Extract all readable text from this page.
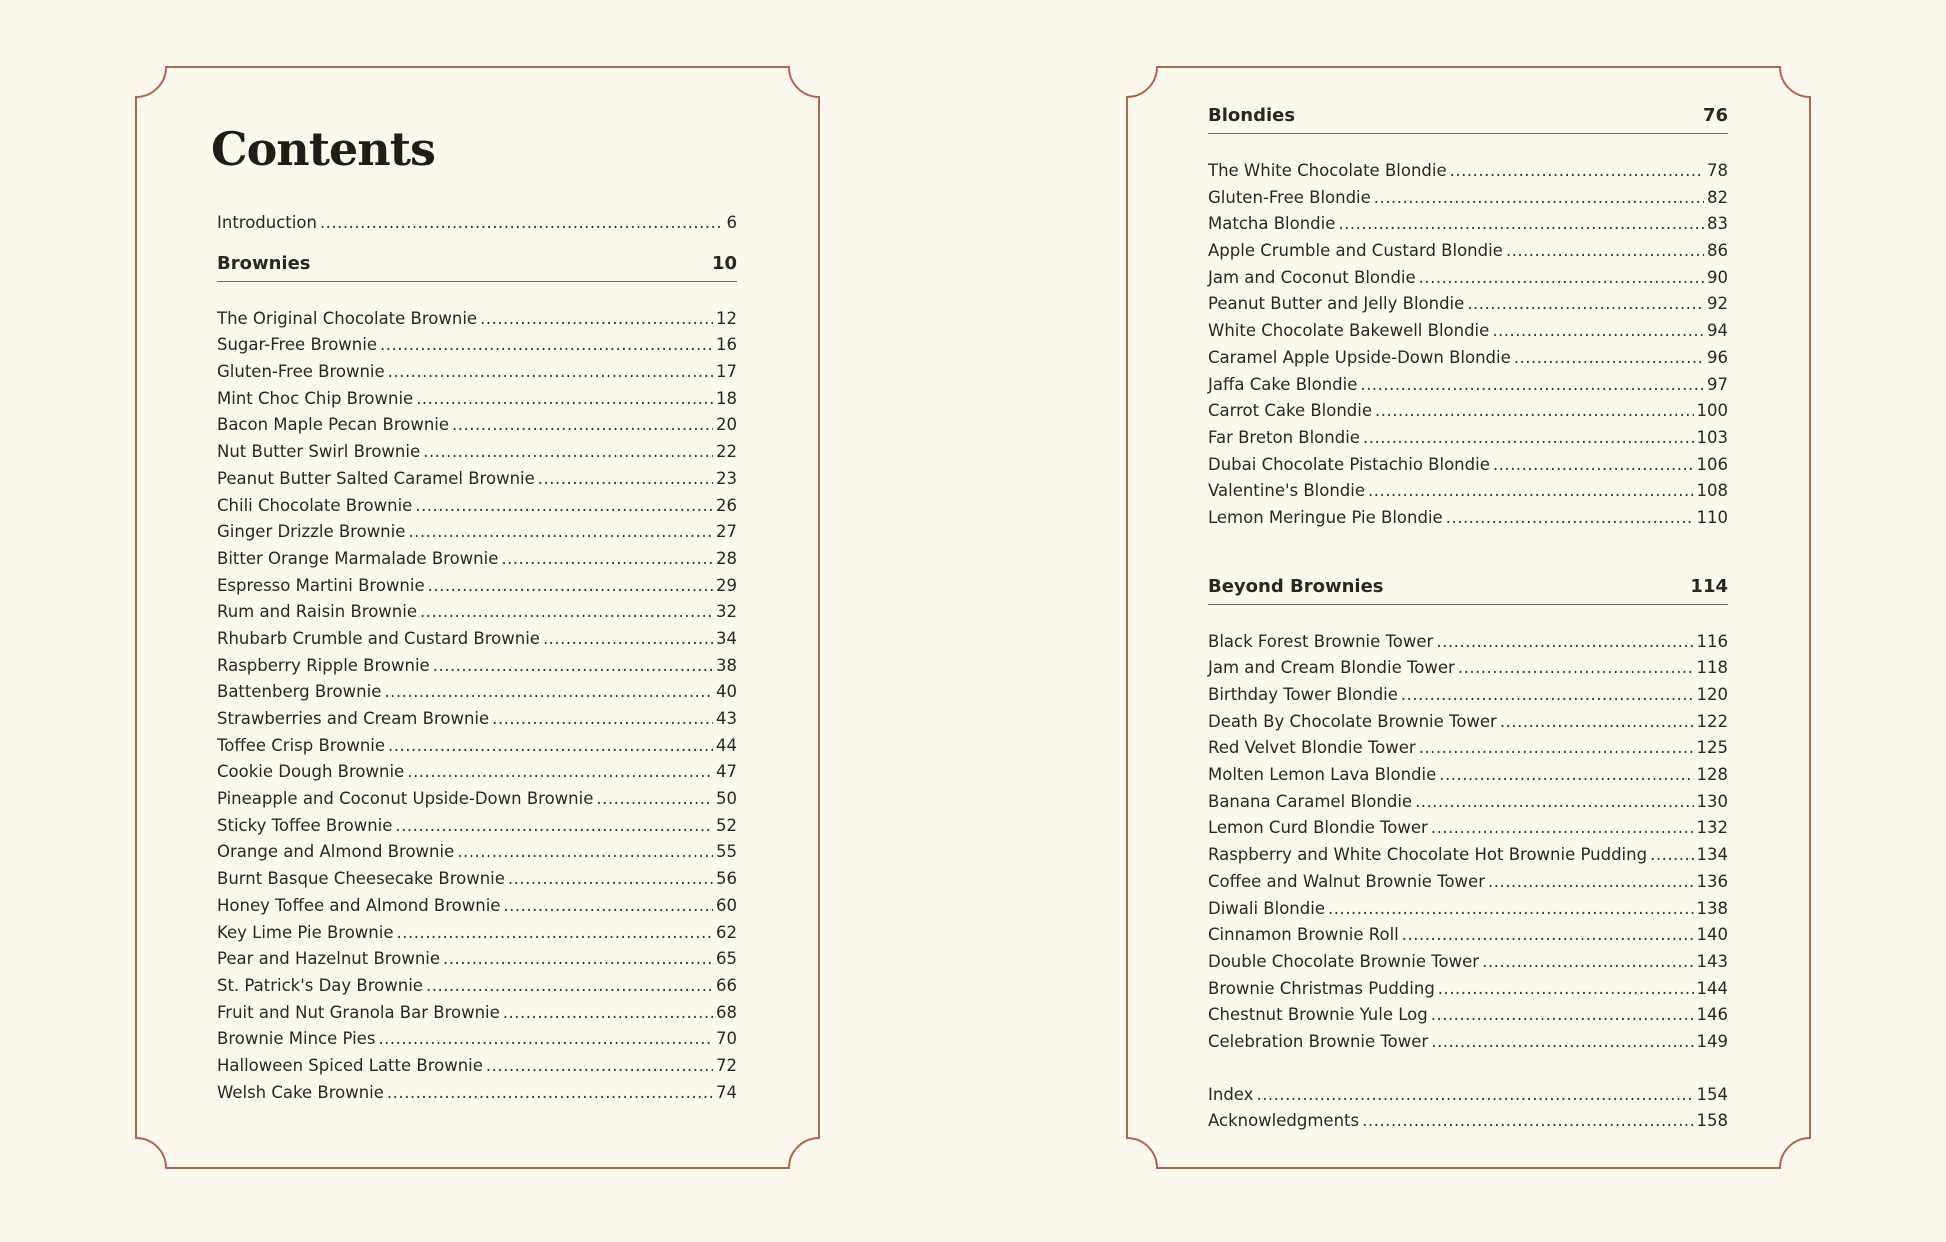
Contents
Introduction .....	6
Brownies	10
The Original Chocolate Brownie .....	12
Sugar-Free Brownie .....	16
Gluten-Free Brownie .....	17
Mint Choc Chip Brownie .....	18
Bacon Maple Pecan Brownie .....	20
Nut Butter Swirl Brownie .....	22
Peanut Butter Salted Caramel Brownie .....	23
Chili Chocolate Brownie .....	26
Ginger Drizzle Brownie .....	27
Bitter Orange Marmalade Brownie .....	28
Espresso Martini Brownie .....	29
Rum and Raisin Brownie .....	32
Rhubarb Crumble and Custard Brownie .....	34
Raspberry Ripple Brownie .....	38
Battenberg Brownie .....	40
Strawberries and Cream Brownie .....	43
Toffee Crisp Brownie .....	44
Cookie Dough Brownie .....	47
Pineapple and Coconut Upside-Down Brownie .....	50
Sticky Toffee Brownie .....	52
Orange and Almond Brownie .....	55
Burnt Basque Cheesecake Brownie .....	56
Honey Toffee and Almond Brownie .....	60
Key Lime Pie Brownie .....	62
Pear and Hazelnut Brownie .....	65
St. Patrick's Day Brownie .....	66
Fruit and Nut Granola Bar Brownie .....	68
Brownie Mince Pies .....	70
Halloween Spiced Latte Brownie .....	72
Welsh Cake Brownie .....	74
Blondies	76
The White Chocolate Blondie .....	78
Gluten-Free Blondie .....	82
Matcha Blondie .....	83
Apple Crumble and Custard Blondie .....	86
Jam and Coconut Blondie .....	90
Peanut Butter and Jelly Blondie .....	92
White Chocolate Bakewell Blondie .....	94
Caramel Apple Upside-Down Blondie .....	96
Jaffa Cake Blondie .....	97
Carrot Cake Blondie .....	100
Far Breton Blondie .....	103
Dubai Chocolate Pistachio Blondie .....	106
Valentine's Blondie .....	108
Lemon Meringue Pie Blondie .....	110
Beyond Brownies	114
Black Forest Brownie Tower .....	116
Jam and Cream Blondie Tower .....	118
Birthday Tower Blondie .....	120
Death By Chocolate Brownie Tower .....	122
Red Velvet Blondie Tower .....	125
Molten Lemon Lava Blondie .....	128
Banana Caramel Blondie .....	130
Lemon Curd Blondie Tower .....	132
Raspberry and White Chocolate Hot Brownie Pudding .....	134
Coffee and Walnut Brownie Tower .....	136
Diwali Blondie .....	138
Cinnamon Brownie Roll .....	140
Double Chocolate Brownie Tower .....	143
Brownie Christmas Pudding .....	144
Chestnut Brownie Yule Log .....	146
Celebration Brownie Tower .....	149
Index .....	154
Acknowledgments .....	158
